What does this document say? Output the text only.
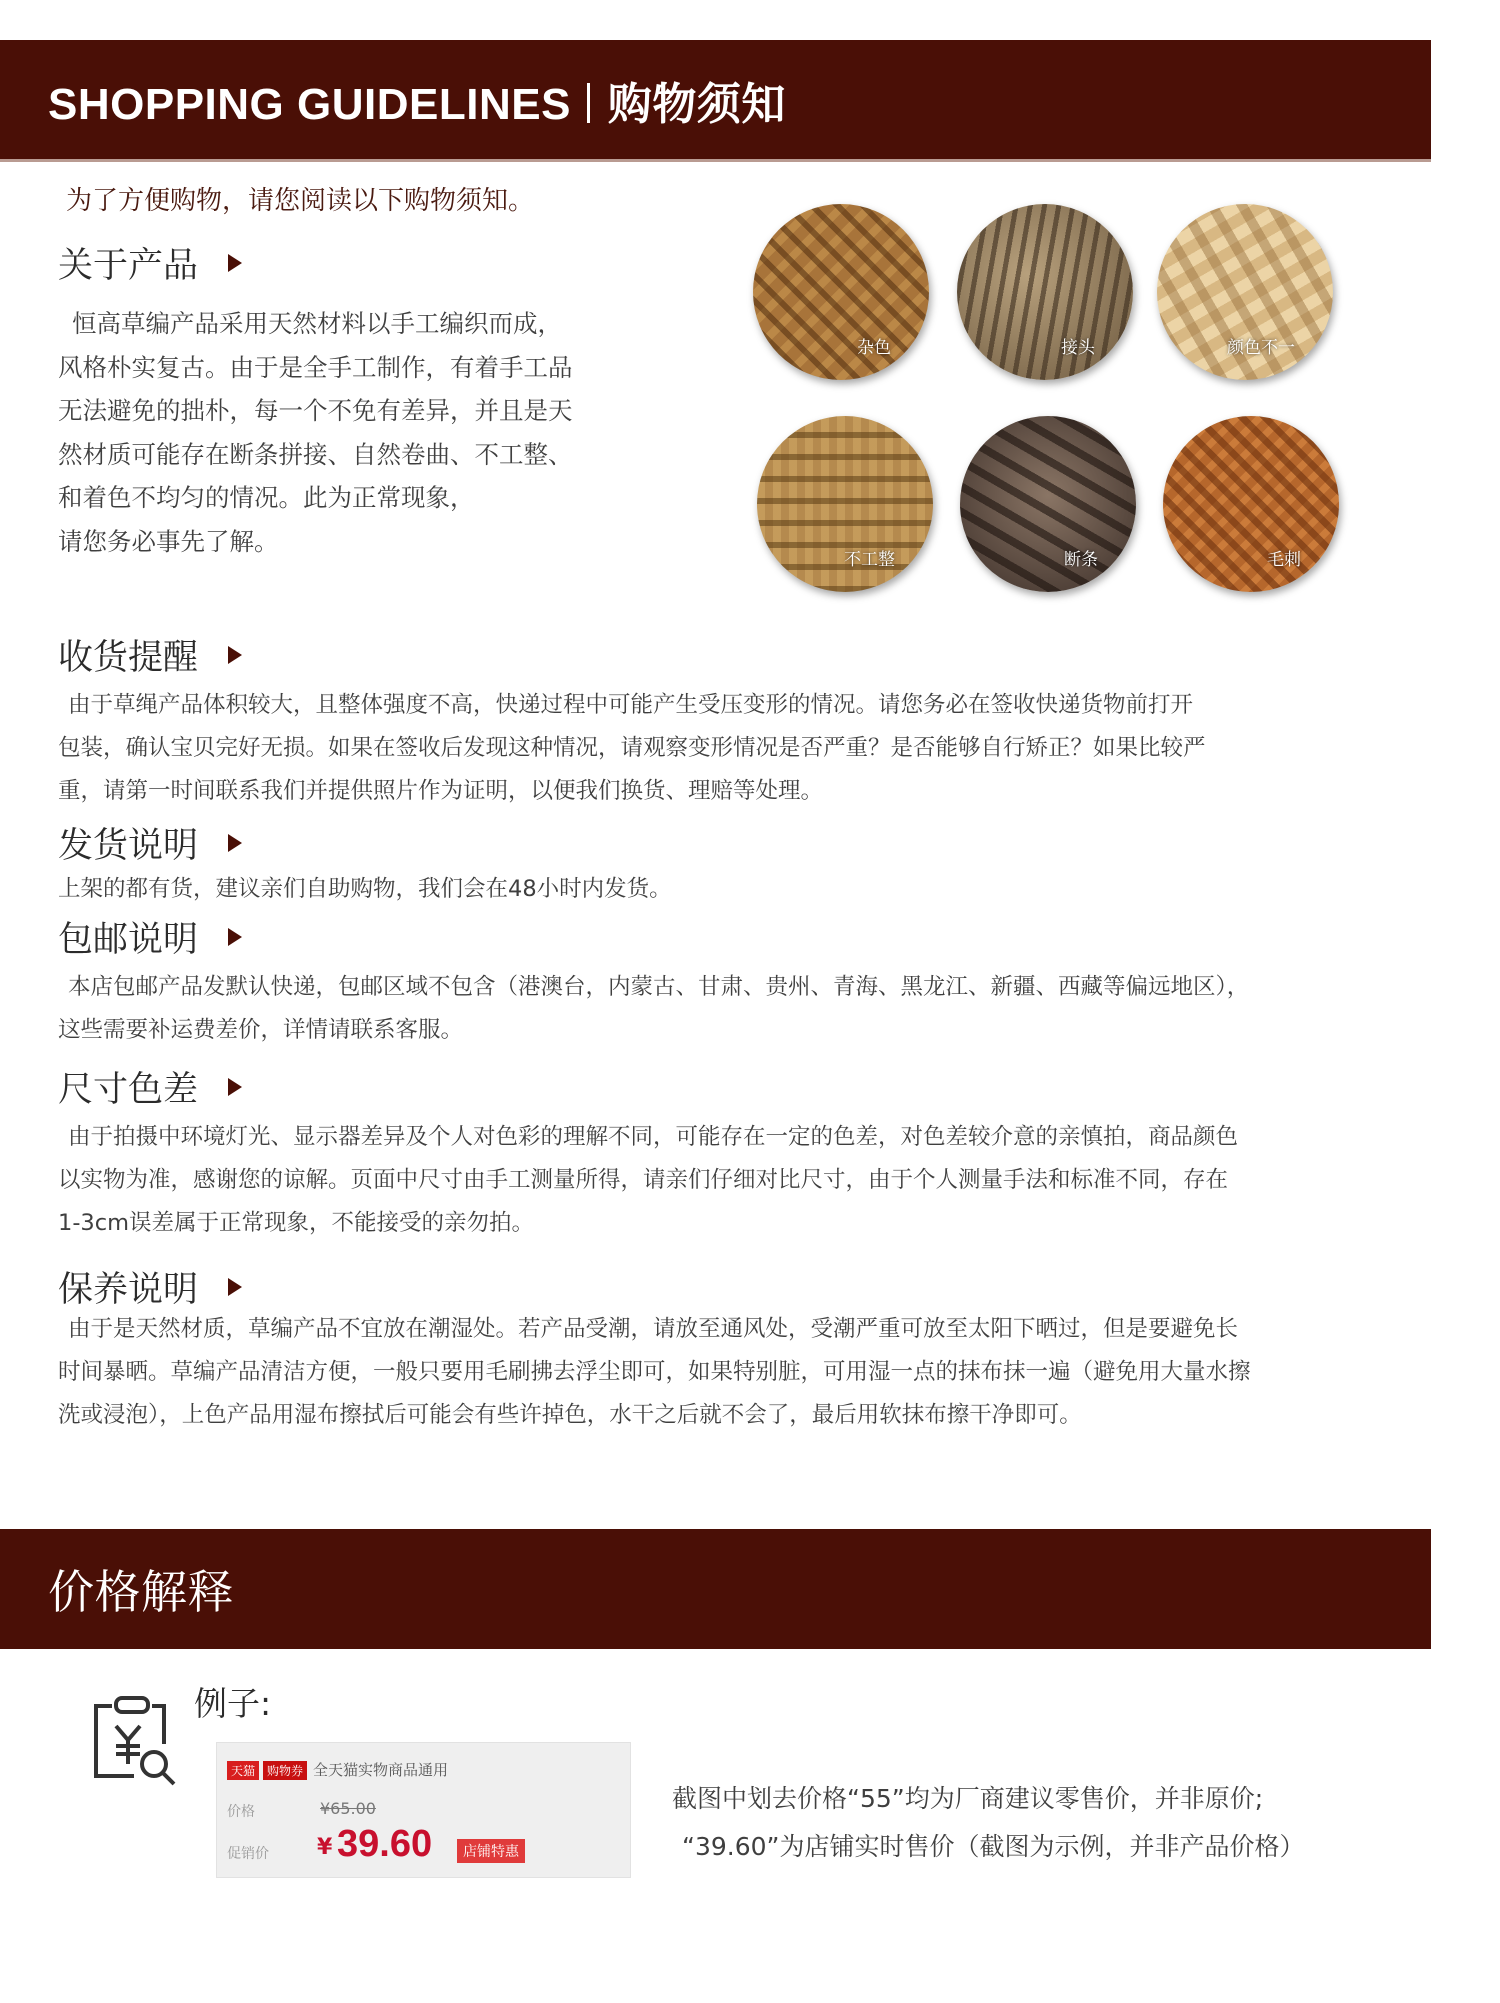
SHOPPING GUIDELINES 购物须知
为了方便购物，请您阅读以下购物须知。
关于产品
恒高草编产品采用天然材料以手工编织而成，
风格朴实复古。由于是全手工制作，有着手工品
无法避免的拙朴，每一个不免有差异，并且是天
然材质可能存在断条拼接、自然卷曲、不工整、
和着色不均匀的情况。此为正常现象，
请您务必事先了解。
杂色	接头	颜色不一
不工整	断条	毛刺
收货提醒
由于草绳产品体积较大，且整体强度不高，快递过程中可能产生受压变形的情况。请您务必在签收快递货物前打开
包装，确认宝贝完好无损。如果在签收后发现这种情况，请观察变形情况是否严重？是否能够自行矫正？如果比较严
重，请第一时间联系我们并提供照片作为证明，以便我们换货、理赔等处理。
发货说明
上架的都有货，建议亲们自助购物，我们会在48小时内发货。
包邮说明
本店包邮产品发默认快递，包邮区域不包含（港澳台，内蒙古、甘肃、贵州、青海、黑龙江、新疆、西藏等偏远地区），
这些需要补运费差价，详情请联系客服。
尺寸色差
由于拍摄中环境灯光、显示器差异及个人对色彩的理解不同，可能存在一定的色差，对色差较介意的亲慎拍，商品颜色
以实物为准，感谢您的谅解。页面中尺寸由手工测量所得，请亲们仔细对比尺寸，由于个人测量手法和标准不同，存在
1-3cm误差属于正常现象，不能接受的亲勿拍。
保养说明
由于是天然材质，草编产品不宜放在潮湿处。若产品受潮，请放至通风处，受潮严重可放至太阳下晒过，但是要避免长
时间暴晒。草编产品清洁方便，一般只要用毛刷拂去浮尘即可，如果特别脏，可用湿一点的抹布抹一遍（避免用大量水擦
洗或浸泡），上色产品用湿布擦拭后可能会有些许掉色，水干之后就不会了，最后用软抹布擦干净即可。
价格解释
例子:
天猫 购物券 全天猫实物商品通用
价格	¥65.00
促销价 ¥ 39.60	店铺特惠
截图中划去价格“55”均为厂商建议零售价，并非原价;
“39.60”为店铺实时售价（截图为示例，并非产品价格）
